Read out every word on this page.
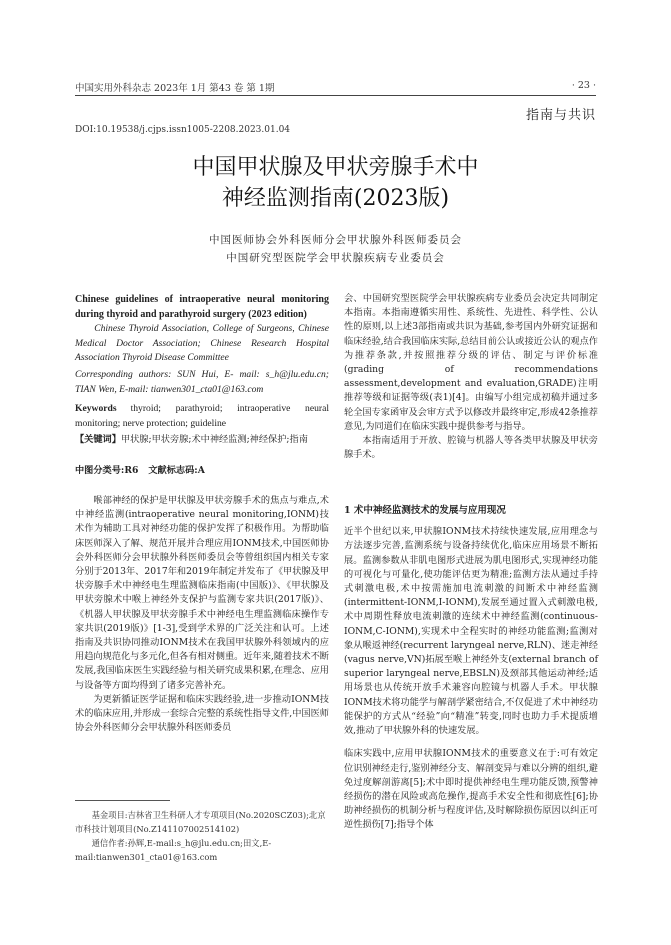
中国实用外科杂志 2023年 1月 第43 卷 第 1期	· 23 ·
指南与共识
DOI:10.19538/j.cjps.issn1005-2208.2023.01.04
中国甲状腺及甲状旁腺手术中
神经监测指南(2023版)
中国医师协会外科医师分会甲状腺外科医师委员会
中国研究型医院学会甲状腺疾病专业委员会
Chinese guidelines of intraoperative neural monitoring during thyroid and parathyroid surgery (2023 edition)
Chinese Thyroid Association, College of Surgeons, Chinese Medical Doctor Association; Chinese Research Hospital Association Thyroid Disease Committee
Corresponding authors: SUN Hui, E- mail: s_h@jlu.edu.cn; TIAN Wen, E-mail: tianwen301_cta01@163.com
Keywords thyroid; parathyroid; intraoperative neural monitoring; nerve protection; guideline
【关键词】甲状腺;甲状旁腺;术中神经监测;神经保护;指南
中图分类号:R6 文献标志码:A

喉部神经的保护是甲状腺及甲状旁腺手术的焦点与难点,术中神经监测(intraoperative neural monitoring,IONM)技术作为辅助工具对神经功能的保护发挥了积极作用。为帮助临床医师深入了解、规范开展并合理应用IONM技术,中国医师协会外科医师分会甲状腺外科医师委员会等曾组织国内相关专家分别于2013年、2017年和2019年制定并发布了《甲状腺及甲状旁腺手术中神经电生理监测临床指南(中国版)》、《甲状腺及甲状旁腺术中喉上神经外支保护与监测专家共识(2017版)》、《机器人甲状腺及甲状旁腺手术中神经电生理监测临床操作专家共识(2019版)》[1-3],受到学术界的广泛关注和认可。上述指南及共识协同推动IONM技术在我国甲状腺外科领域内的应用趋向规范化与多元化,但各有相对侧重。近年来,随着技术不断发展,我国临床医生实践经验与相关研究成果积累,在理念、应用与设备等方面均得到了诸多完善补充。

为更新循证医学证据和临床实践经验,进一步推动IONM技术的临床应用,并形成一套综合完整的系统性指导文件,中国医师协会外科医师分会甲状腺外科医师委员

会、中国研究型医院学会甲状腺疾病专业委员会决定共同制定本指南。本指南遵循实用性、系统性、先进性、科学性、公认性的原则,以上述3部指南或共识为基础,参考国内外研究证据和临床经验,结合我国临床实际,总结目前公认或接近公认的观点作为推荐条款,并按照推荐分级的评估、制定与评价标准(grading of recommendations assessment,development and evaluation,GRADE)注明推荐等级和证据等级(表1)[4]。由编写小组完成初稿并通过多轮全国专家函审及会审方式予以修改并最终审定,形成42条推荐意见,为同道们在临床实践中提供参考与指导。

本指南适用于开放、腔镜与机器人等各类甲状腺及甲状旁腺手术。

1 术中神经监测技术的发展与应用现况

近半个世纪以来,甲状腺IONM技术持续快速发展,应用理念与方法逐步完善,监测系统与设备持续优化,临床应用场景不断拓展。监测参数从非肌电图形式进展为肌电图形式,实现神经功能的可视化与可量化,使功能评估更为精准;监测方法从通过手持式刺激电极,术中按需施加电流刺激的间断术中神经监测(intermittent-IONM,I-IONM),发展至通过置入式刺激电极,术中周期性释放电流刺激的连续术中神经监测(continuous-IONM,C-IONM),实现术中全程实时的神经功能监测;监测对象从喉返神经(recurrent laryngeal nerve,RLN)、迷走神经(vagus nerve,VN)拓展至喉上神经外支(external branch of superior laryngeal nerve,EBSLN)及颈部其他运动神经;适用场景也从传统开放手术兼容向腔镜与机器人手术。甲状腺IONM技术将功能学与解剖学紧密结合,不仅促进了术中神经功能保护的方式从“经验”向“精准”转变,同时也助力手术提质增效,推动了甲状腺外科的快速发展。

临床实践中,应用甲状腺IONM技术的重要意义在于:可有效定位识别神经走行,鉴别神经分支、解剖变异与难以分辨的组织,避免过度解剖游离[5];术中即时提供神经电生理功能反馈,预警神经损伤的潜在风险或高危操作,提高手术安全性和彻底性[6];协助神经损伤的机制分析与程度评估,及时解除损伤原因以纠正可逆性损伤[7];指导个体

基金项目:吉林省卫生科研人才专项项目(No.2020SCZ03);北京市科技计划项目(No.Z141107002514102)

通信作者:孙辉,E-mail:s_h@jlu.edu.cn;田文,E-mail:tianwen301_cta01@163.com
